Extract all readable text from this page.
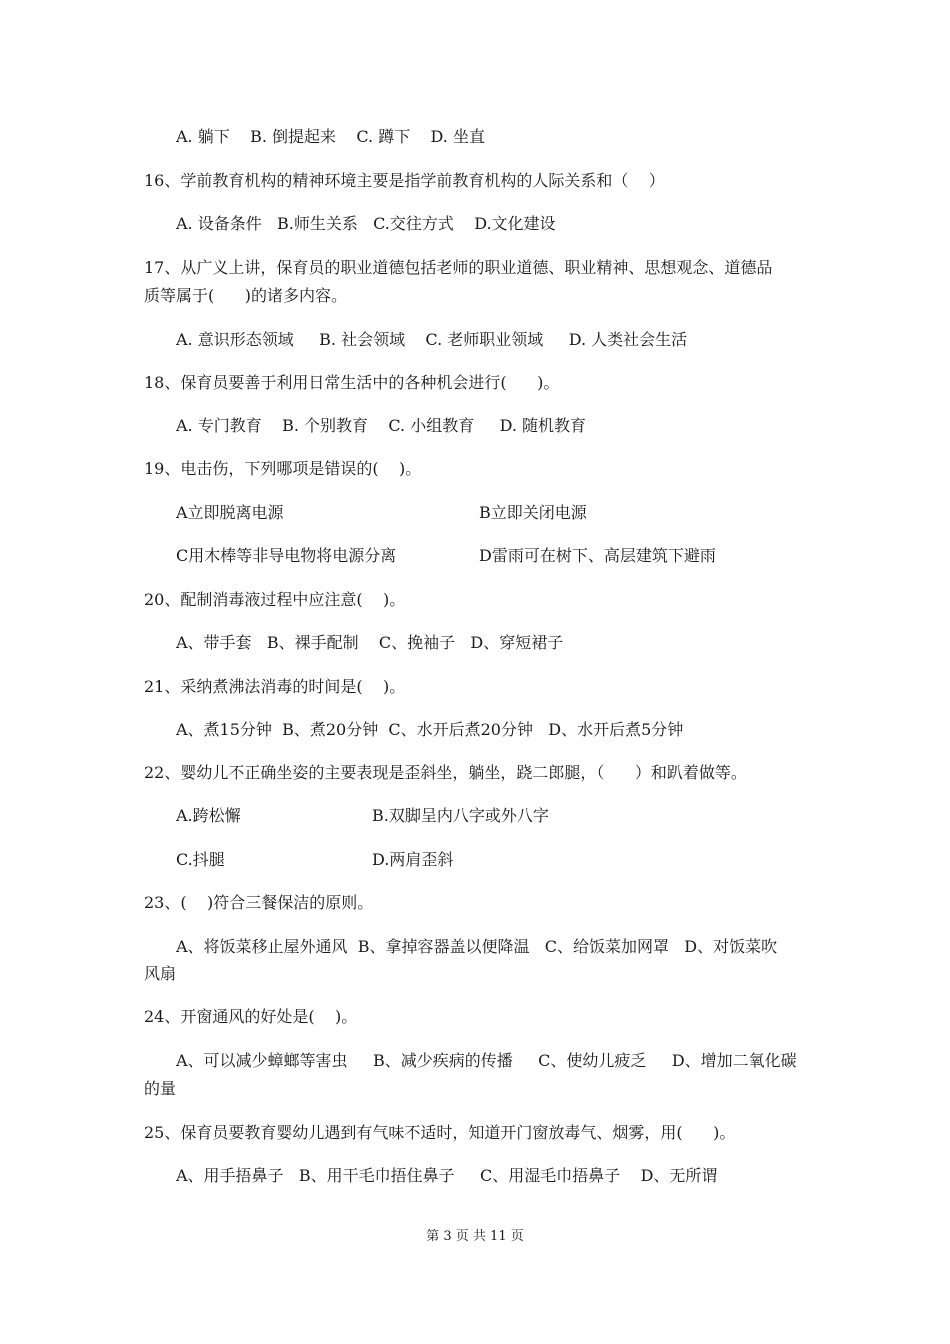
A. 躺下    B. 倒提起来    C. 蹲下    D. 坐直
16、学前教育机构的精神环境主要是指学前教育机构的人际关系和（    ）
A. 设备条件   B.师生关系   C.交往方式    D.文化建设
17、从广义上讲，保育员的职业道德包括老师的职业道德、职业精神、思想观念、道德品
质等属于(      )的诸多内容。
A. 意识形态领域     B. 社会领域    C. 老师职业领域     D. 人类社会生活
18、保育员要善于利用日常生活中的各种机会进行(      )。
A. 专门教育    B. 个别教育    C. 小组教育     D. 随机教育
19、电击伤，下列哪项是错误的(    )。
A立即脱离电源	B立即关闭电源
C用木棒等非导电物将电源分离	D雷雨可在树下、高层建筑下避雨
20、配制消毒液过程中应注意(    )。
A、带手套   B、裸手配制    C、挽袖子   D、穿短裙子
21、采纳煮沸法消毒的时间是(    )。
A、煮15分钟  B、煮20分钟  C、水开后煮20分钟   D、水开后煮5分钟
22、婴幼儿不正确坐姿的主要表现是歪斜坐，躺坐，跷二郎腿，（      ）和趴着做等。
A.跨松懈	B.双脚呈内八字或外八字
C.抖腿	D.两肩歪斜
23、(    )符合三餐保洁的原则。
A、将饭菜移止屋外通风  B、拿掉容器盖以便降温   C、给饭菜加网罩   D、对饭菜吹
风扇
24、开窗通风的好处是(    )。
A、可以减少蟑螂等害虫     B、减少疾病的传播     C、使幼儿疲乏     D、增加二氧化碳
的量
25、保育员要教育婴幼儿遇到有气味不适时，知道开门窗放毒气、烟雾，用(      )。
A、用手捂鼻子   B、用干毛巾捂住鼻子     C、用湿毛巾捂鼻子    D、无所谓
第 3 页 共 11 页
